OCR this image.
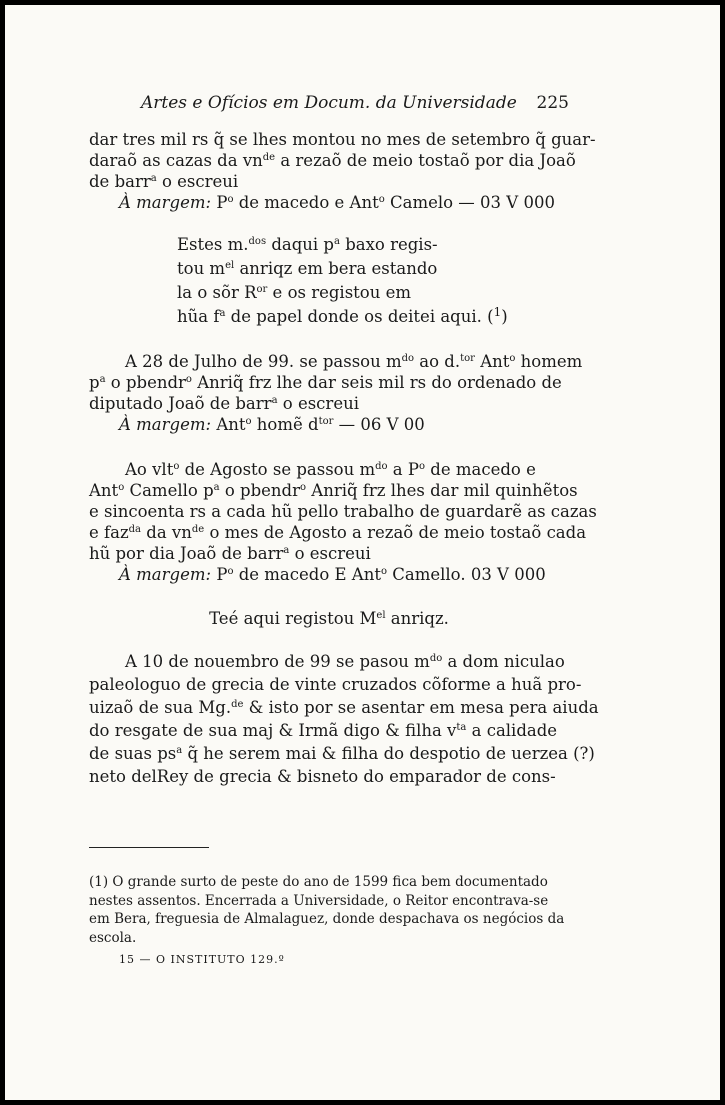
Artes e Ofícios em Docum. da Universidade 225
dar tres mil rs q̃ se lhes montou no mes de setembro q̃ guar-
daraõ as cazas da $vn^{de}$ a rezaõ de meio tostaõ por dia Joaõ
de barr$^a$ o escreui
À margem: $P^o$ de macedo e Ant$^o$ Camelo — 03 V 000
Estes m.$^{dos}$ daqui $p^a$ baxo regis-
tou $m^{el}$ anriqz em bera estando
la o sõr $R^{or}$ e os registou em
hũa $f^a$ de papel donde os deitei aqui. ($^1$)
A 28 de Julho de 99. se passou $m^{do}$ ao d.$^{tor}$ Ant$^o$ homem
$p^a$ o pbendr$^o$ Anriq̃ frz lhe dar seis mil rs do ordenado de
diputado Joaõ de barr$^a$ o escreui
À margem: Ant$^o$ homẽ $d^{tor}$ — 06 V 00
Ao vlt$^o$ de Agosto se passou $m^{do}$ a $P^o$ de macedo e
Ant$^o$ Camello $p^a$ o pbendr$^o$ Anriq̃ frz lhes dar mil quinhẽtos
e sincoenta rs a cada hũ pello trabalho de guardarẽ as cazas
e faz$^{da}$ da $vn^{de}$ o mes de Agosto a rezaõ de meio tostaõ cada
hũ por dia Joaõ de barr$^a$ o escreui
À margem: $P^o$ de macedo E Ant$^o$ Camello. 03 V 000
Teé aqui registou $M^{el}$ anriqz.
A 10 de nouembro de 99 se pasou $m^{do}$ a dom niculao
paleologuo de grecia de vinte cruzados cõforme a huã pro-
uizaõ de sua Mg.$^{de}$ & isto por se asentar em mesa pera aiuda
do resgate de sua maj & Irmã digo & filha $v^{ta}$ a calidade
de suas $ps^a$ q̃ he serem mai & filha do despotio de uerzea (?)
neto delRey de grecia & bisneto do emparador de cons-
(1) O grande surto de peste do ano de 1599 fica bem documentado nestes assentos. Encerrada a Universidade, o Reitor encontrava-se em Bera, freguesia de Almalaguez, donde despachava os negócios da escola.
15 — O INSTITUTO 129.º
